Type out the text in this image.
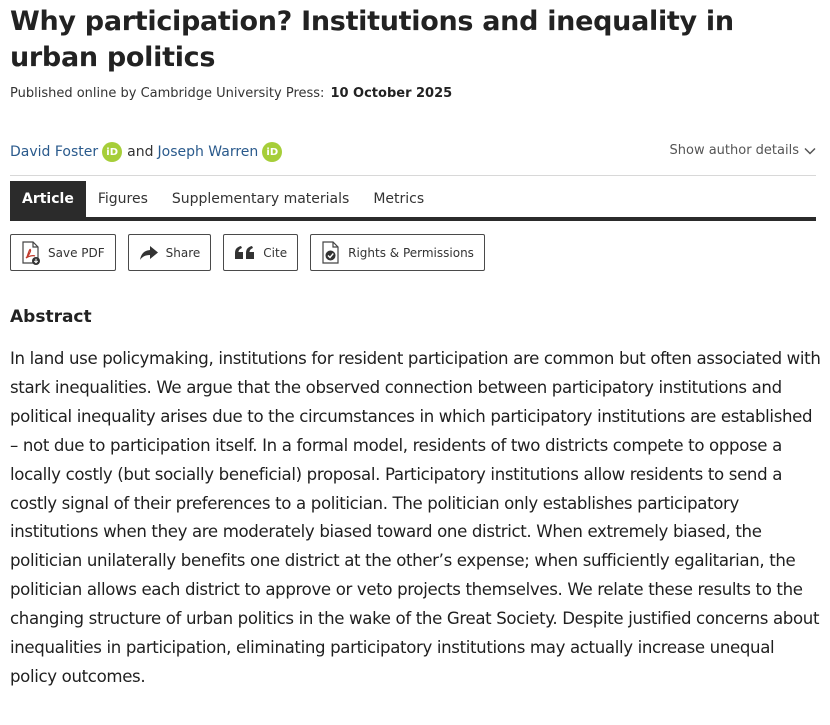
Why participation? Institutions and inequality in urban politics
Published online by Cambridge University Press: 10 October 2025
David Foster iD and Joseph Warren iD	Show author details
Article	Figures	Supplementary materials	Metrics
Save PDF	Share	Cite	Rights & Permissions
Abstract

In land use policymaking, institutions for resident participation are common but often associated with stark inequalities. We argue that the observed connection between participatory institutions and political inequality arises due to the circumstances in which participatory institutions are established – not due to participation itself. In a formal model, residents of two districts compete to oppose a locally costly (but socially beneficial) proposal. Participatory institutions allow residents to send a costly signal of their preferences to a politician. The politician only establishes participatory institutions when they are moderately biased toward one district. When extremely biased, the politician unilaterally benefits one district at the other’s expense; when sufficiently egalitarian, the politician allows each district to approve or veto projects themselves. We relate these results to the changing structure of urban politics in the wake of the Great Society. Despite justified concerns about inequalities in participation, eliminating participatory institutions may actually increase unequal policy outcomes.
